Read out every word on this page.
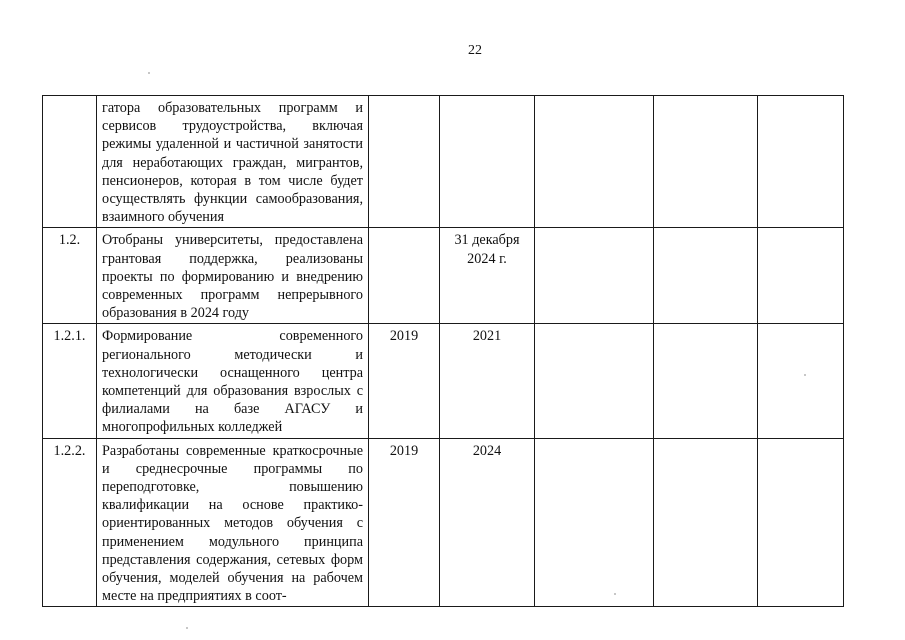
22
	гатора образовательных программ и сервисов трудоустройства, включая режимы удаленной и частичной занятости для неработающих граждан, мигрантов, пенсионеров, которая в том числе будет осуществлять функции самообразования, взаимного обучения					
1.2.	Отобраны университеты, предоставлена грантовая поддержка, реализованы проекты по формированию и внедрению современных программ непрерывного образования в 2024 году		31 декабря 2024 г.			
1.2.1.	Формирование современного регионального методически и технологически оснащенного центра компетенций для образования взрослых с филиалами на базе АГАСУ и многопрофильных колледжей	2019	2021			
1.2.2.	Разработаны современные краткосрочные и среднесрочные программы по переподготовке, повышению квалификации на основе практико-ориентированных методов обучения с применением модульного принципа представления содержания, сетевых форм обучения, моделей обучения на рабочем месте на предприятиях в соот-	2019	2024			
